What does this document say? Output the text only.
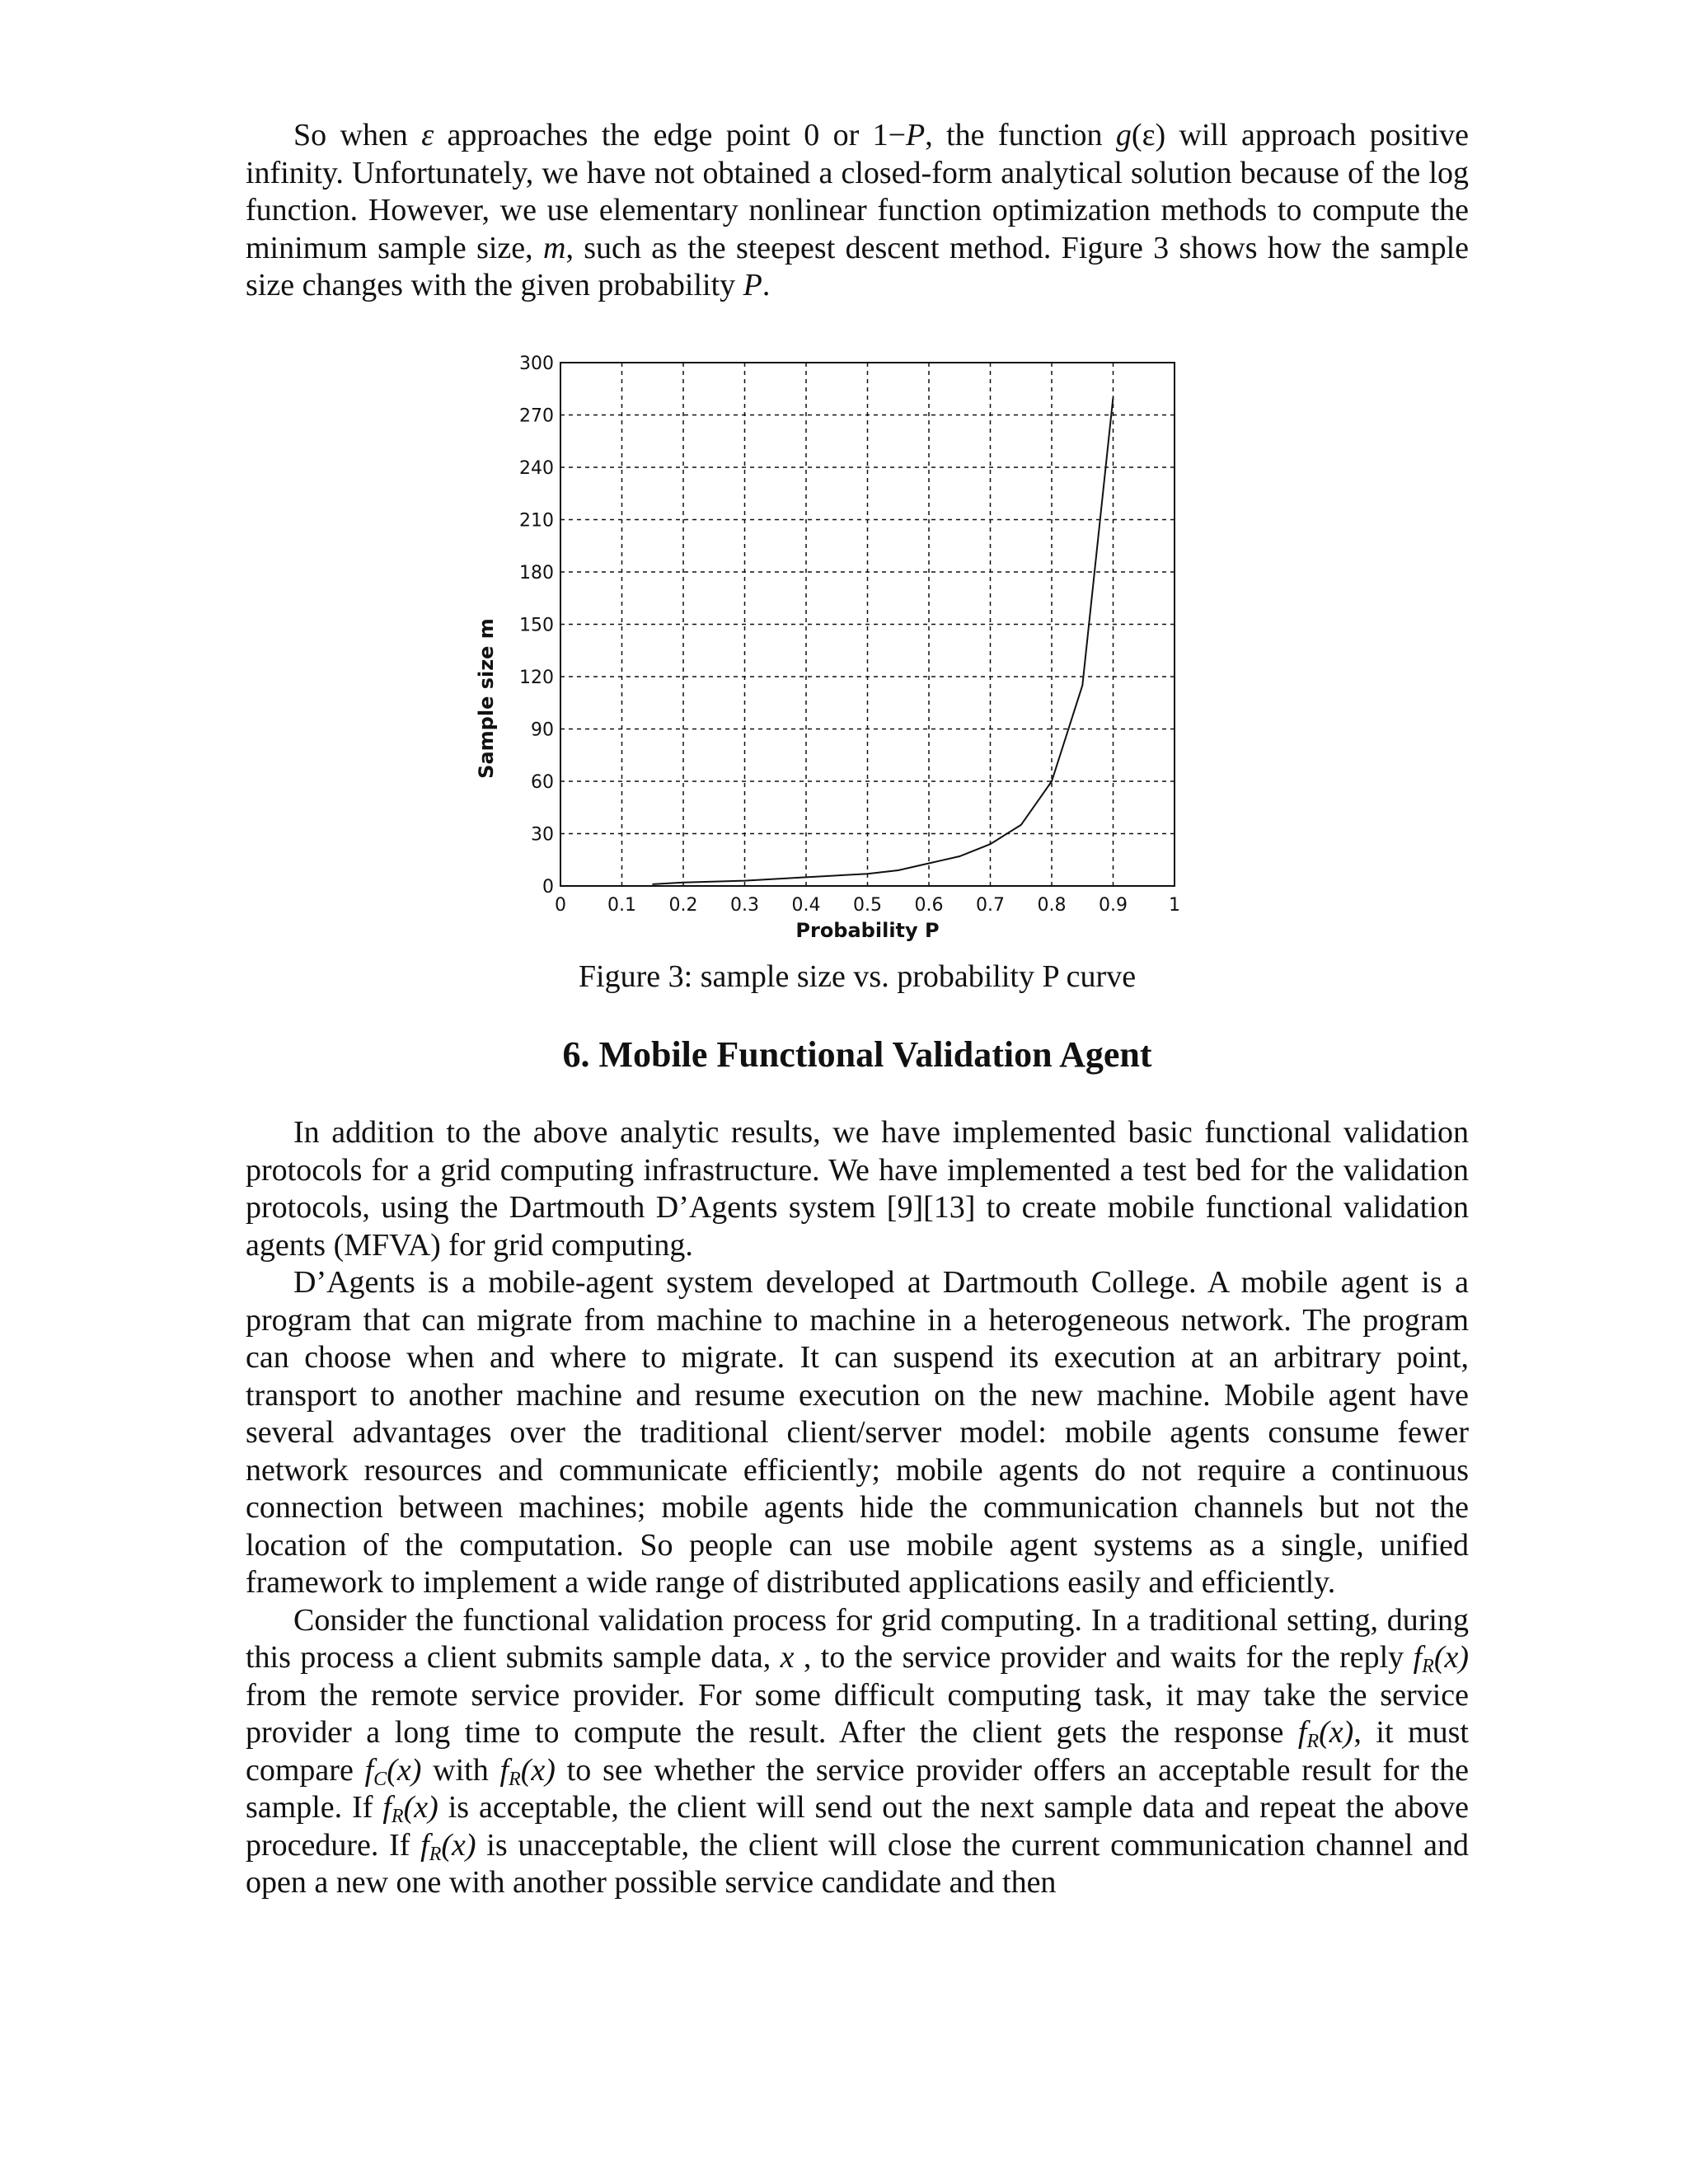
So when ε approaches the edge point 0 or 1−P, the function g(ε) will approach positive infinity. Unfortunately, we have not obtained a closed-form analytical solution because of the log function. However, we use elementary nonlinear function optimization methods to compute the minimum sample size, m, such as the steepest descent method. Figure 3 shows how the sample size changes with the given probability P.

0 0.1 0.2 0.3 0.4 0.5 0.6 0.7 0.8 0.9 1
0
30
60
90
120
150
180
210
240
270
300
Probability P
Sample size m
Figure 3: sample size vs. probability P curve
6. Mobile Functional Validation Agent

In addition to the above analytic results, we have implemented basic functional validation protocols for a grid computing infrastructure. We have implemented a test bed for the validation protocols, using the Dartmouth D’Agents system [9][13] to create mobile functional validation agents (MFVA) for grid computing.

D’Agents is a mobile-agent system developed at Dartmouth College. A mobile agent is a program that can migrate from machine to machine in a heterogeneous network. The program can choose when and where to migrate. It can suspend its execution at an arbitrary point, transport to another machine and resume execution on the new machine. Mobile agent have several advantages over the traditional client/server model: mobile agents consume fewer network resources and communicate efficiently; mobile agents do not require a continuous connection between machines; mobile agents hide the communication channels but not the location of the computation. So people can use mobile agent systems as a single, unified framework to implement a wide range of distributed applications easily and efficiently.

Consider the functional validation process for grid computing. In a traditional setting, during this process a client submits sample data, x , to the service provider and waits for the reply $f_R(x)$ from the remote service provider. For some difficult computing task, it may take the service provider a long time to compute the result. After the client gets the response $f_R(x)$, it must compare $f_C(x)$ with $f_R(x)$ to see whether the service provider offers an acceptable result for the sample. If $f_R(x)$ is acceptable, the client will send out the next sample data and repeat the above procedure. If $f_R(x)$ is unacceptable, the client will close the current communication channel and open a new one with another possible service candidate and then
